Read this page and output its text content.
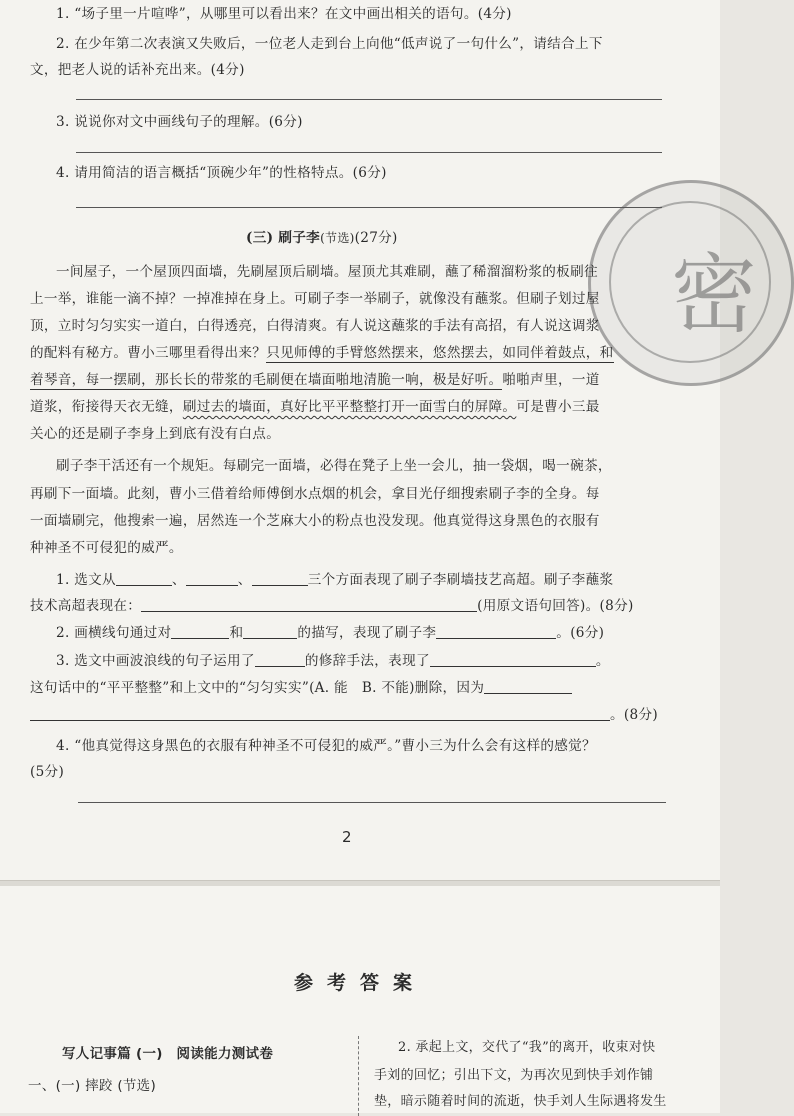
密
1. “场子里一片喧哗”，从哪里可以看出来？在文中画出相关的语句。(4分)
2. 在少年第二次表演又失败后，一位老人走到台上向他“低声说了一句什么”，请结合上下
文，把老人说的话补充出来。(4分)
3. 说说你对文中画线句子的理解。(6分)
4. 请用简洁的语言概括“顶碗少年”的性格特点。(6分)
(三) 刷子李(节选)(27分)
一间屋子，一个屋顶四面墙，先刷屋顶后刷墙。屋顶尤其难刷，蘸了稀溜溜粉浆的板刷往
上一举，谁能一滴不掉？一掉准掉在身上。可刷子李一举刷子，就像没有蘸浆。但刷子划过屋
顶，立时匀匀实实一道白，白得透亮，白得清爽。有人说这蘸浆的手法有高招，有人说这调浆
的配料有秘方。曹小三哪里看得出来？只见师傅的手臂悠然摆来，悠然摆去，如同伴着鼓点，和
着琴音，每一摆刷，那长长的带浆的毛刷便在墙面啪地清脆一响，极是好听。啪啪声里，一道
道浆，衔接得天衣无缝，刷过去的墙面，真好比平平整整打开一面雪白的屏障。可是曹小三最
关心的还是刷子李身上到底有没有白点。
刷子李干活还有一个规矩。每刷完一面墙，必得在凳子上坐一会儿，抽一袋烟，喝一碗茶，
再刷下一面墙。此刻，曹小三借着给师傅倒水点烟的机会，拿目光仔细搜索刷子李的全身。每
一面墙刷完，他搜索一遍，居然连一个芝麻大小的粉点也没发现。他真觉得这身黑色的衣服有
种神圣不可侵犯的威严。
1. 选文从	、	、	三个方面表现了刷子李刷墙技艺高超。刷子李蘸浆
技术高超表现在：	(用原文语句回答)。(8分)
2. 画横线句通过对	和	的描写，表现了刷子李	。(6分)
3. 选文中画波浪线的句子运用了	的修辞手法，表现了	。
这句话中的“平平整整”和上文中的“匀匀实实”(A. 能　B. 不能)删除，因为
。(8分)
4. “他真觉得这身黑色的衣服有种神圣不可侵犯的威严。”曹小三为什么会有这样的感觉？
(5分)
2
参考答案
写人记事篇 (一)　阅读能力测试卷
一、(一) 摔跤 (节选)
2. 承起上文，交代了“我”的离开，收束对快
手刘的回忆；引出下文，为再次见到快手刘作铺
垫，暗示随着时间的流逝，快手刘人生际遇将发生
